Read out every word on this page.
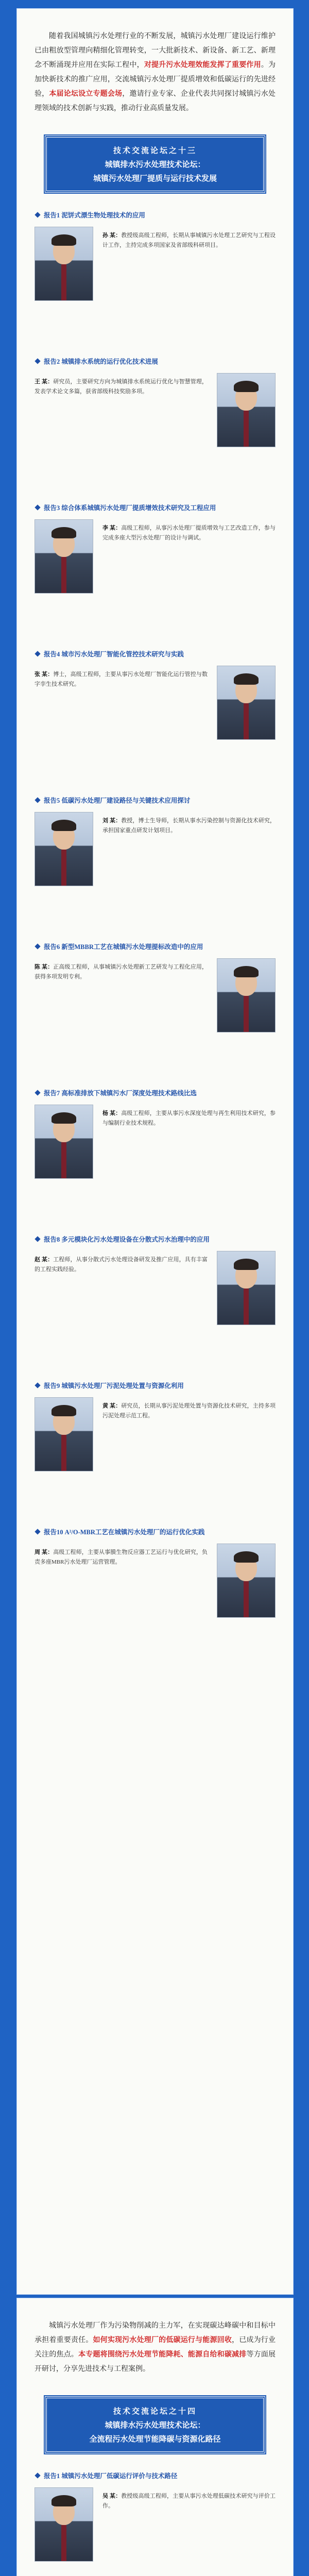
随着我国城镇污水处理行业的不断发展，城镇污水处理厂建设运行维护已由粗放型管理向精细化管理转变，一大批新技术、新设备、新工艺、新理念不断涌现并应用在实际工程中，对提升污水处理效能发挥了重要作用。为加快新技术的推广应用，交流城镇污水处理厂提质增效和低碳运行的先进经验，本届论坛设立专题会场，邀请行业专家、企业代表共同探讨城镇污水处理领域的技术创新与实践，推动行业高质量发展。

技术交流论坛之十三
城镇排水污水处理技术论坛：
城镇污水处理厂提质与运行技术发展
报告1 泥饼式漂生物处理技术的应用
孙 某：教授级高级工程师，长期从事城镇污水处理工艺研究与工程设计工作，主持完成多项国家及省部级科研项目。
报告2 城镇排水系统的运行优化技术进展
王 某：研究员，主要研究方向为城镇排水系统运行优化与智慧管理，发表学术论文多篇，获省部级科技奖励多项。
报告3 综合体系城镇污水处理厂提质增效技术研究及工程应用
李 某：高级工程师，从事污水处理厂提质增效与工艺改造工作，参与完成多座大型污水处理厂的设计与调试。
报告4 城市污水处理厂智能化管控技术研究与实践
张 某：博士，高级工程师，主要从事污水处理厂智能化运行管控与数字孪生技术研究。
报告5 低碳污水处理厂建设路径与关键技术应用探讨
刘 某：教授，博士生导师，长期从事水污染控制与资源化技术研究，承担国家重点研发计划项目。
报告6 新型MBBR工艺在城镇污水处理提标改造中的应用
陈 某：正高级工程师，从事城镇污水处理新工艺研发与工程化应用，获得多项发明专利。
报告7 高标准排放下城镇污水厂深度处理技术路线比选
杨 某：高级工程师，主要从事污水深度处理与再生利用技术研究，参与编制行业技术规程。
报告8 多元模块化污水处理设备在分散式污水治理中的应用
赵 某：工程师，从事分散式污水处理设备研发及推广应用，具有丰富的工程实践经验。
报告9 城镇污水处理厂污泥处理处置与资源化利用
黄 某：研究员，长期从事污泥处理处置与资源化技术研究，主持多项污泥处理示范工程。
报告10 A²/O-MBR工艺在城镇污水处理厂的运行优化实践
周 某：高级工程师，主要从事膜生物反应器工艺运行与优化研究，负责多座MBR污水处理厂运营管理。

城镇污水处理厂作为污染物削减的主力军，在实现碳达峰碳中和目标中承担着重要责任。如何实现污水处理厂的低碳运行与能源回收，已成为行业关注的焦点。本专题将围绕污水处理节能降耗、能源自给和碳减排等方面展开研讨，分享先进技术与工程案例。

技术交流论坛之十四
城镇排水污水处理技术论坛：
全流程污水处理节能降碳与资源化路径
报告1 城镇污水处理厂低碳运行评价与技术路径
吴 某：教授级高级工程师，主要从事污水处理低碳技术研究与评价工作。
